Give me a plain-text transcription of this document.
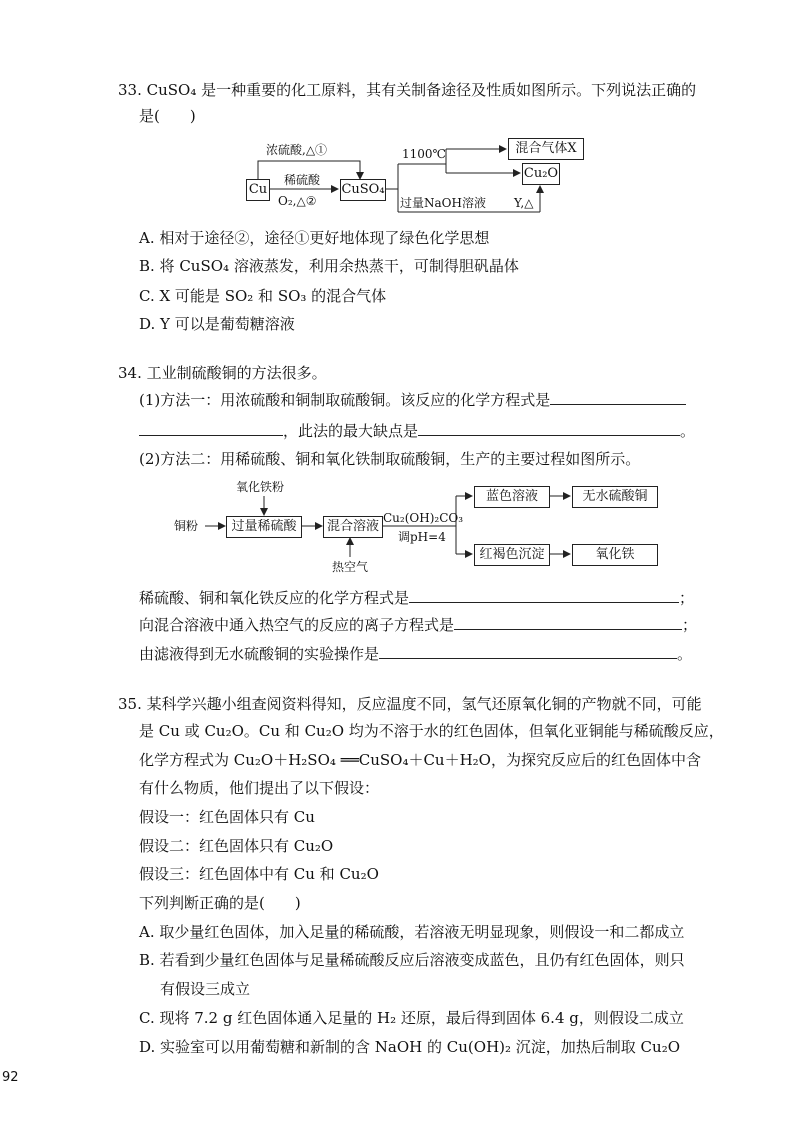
33. CuSO₄ 是一种重要的化工原料，其有关制备途径及性质如图所示。下列说法正确的
是(　　)
Cu	CuSO₄
混合气体X
Cu₂O
浓硫酸,△①
稀硫酸
O₂,△②
1100℃
过量NaOH溶液 Y,△
A. 相对于途径②，途径①更好地体现了绿色化学思想
B. 将 CuSO₄ 溶液蒸发，利用余热蒸干，可制得胆矾晶体
C. X 可能是 SO₂ 和 SO₃ 的混合气体
D. Y 可以是葡萄糖溶液
34. 工业制硫酸铜的方法很多。
(1)方法一：用浓硫酸和铜制取硫酸铜。该反应的化学方程式是
，此法的最大缺点是	。
(2)方法二：用稀硫酸、铜和氧化铁制取硫酸铜，生产的主要过程如图所示。
氧化铁粉
铜粉	过量稀硫酸	混合溶液
热空气
Cu₂(OH)₂CO₃
调pH=4
蓝色溶液	无水硫酸铜
红褐色沉淀	氧化铁
稀硫酸、铜和氧化铁反应的化学方程式是	；
向混合溶液中通入热空气的反应的离子方程式是	；
由滤液得到无水硫酸铜的实验操作是	。
35. 某科学兴趣小组查阅资料得知，反应温度不同，氢气还原氧化铜的产物就不同，可能
是 Cu 或 Cu₂O。Cu 和 Cu₂O 均为不溶于水的红色固体，但氧化亚铜能与稀硫酸反应，
化学方程式为 Cu₂O＋H₂SO₄ ══CuSO₄＋Cu＋H₂O，为探究反应后的红色固体中含
有什么物质，他们提出了以下假设：
假设一：红色固体只有 Cu
假设二：红色固体只有 Cu₂O
假设三：红色固体中有 Cu 和 Cu₂O
下列判断正确的是(　　)
A. 取少量红色固体，加入足量的稀硫酸，若溶液无明显现象，则假设一和二都成立
B. 若看到少量红色固体与足量稀硫酸反应后溶液变成蓝色，且仍有红色固体，则只
有假设三成立
C. 现将 7.2 g 红色固体通入足量的 H₂ 还原，最后得到固体 6.4 g，则假设二成立
D. 实验室可以用葡萄糖和新制的含 NaOH 的 Cu(OH)₂ 沉淀，加热后制取 Cu₂O
92
